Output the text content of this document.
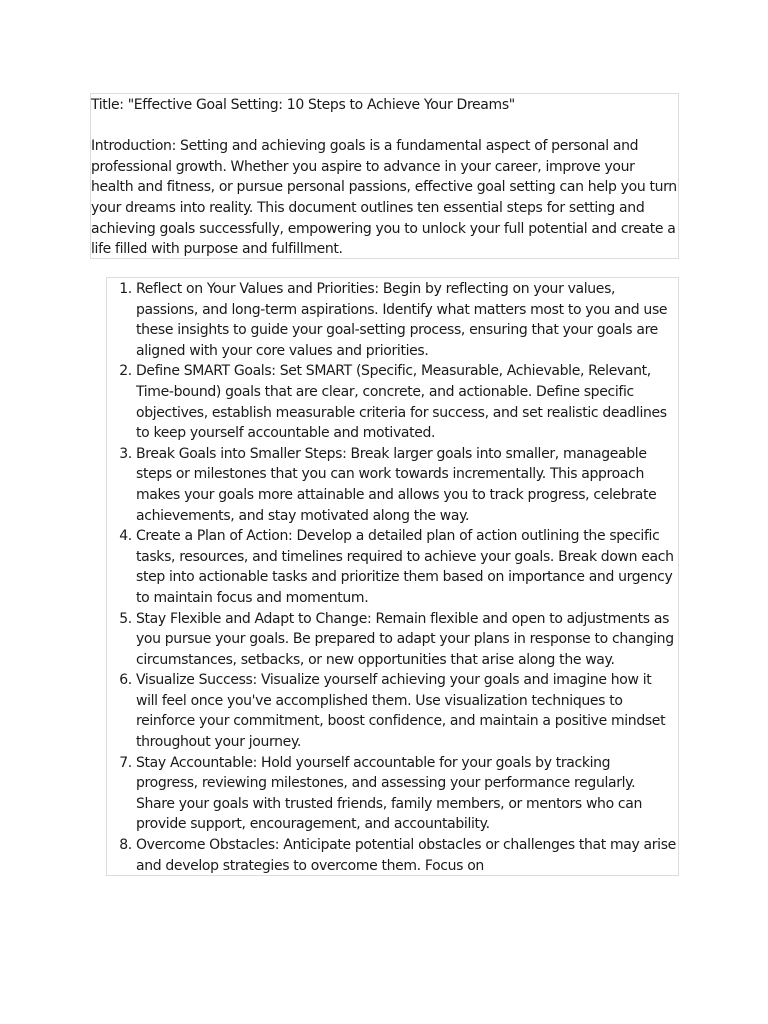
Title: "Effective Goal Setting: 10 Steps to Achieve Your Dreams"

Introduction: Setting and achieving goals is a fundamental aspect of personal and professional growth. Whether you aspire to advance in your career, improve your health and fitness, or pursue personal passions, effective goal setting can help you turn your dreams into reality. This document outlines ten essential steps for setting and achieving goals successfully, empowering you to unlock your full potential and create a life filled with purpose and fulfillment.

1. Reflect on Your Values and Priorities: Begin by reflecting on your values, passions, and long-term aspirations. Identify what matters most to you and use these insights to guide your goal-setting process, ensuring that your goals are aligned with your core values and priorities.
2. Define SMART Goals: Set SMART (Specific, Measurable, Achievable, Relevant, Time-bound) goals that are clear, concrete, and actionable. Define specific objectives, establish measurable criteria for success, and set realistic deadlines to keep yourself accountable and motivated.
3. Break Goals into Smaller Steps: Break larger goals into smaller, manageable steps or milestones that you can work towards incrementally. This approach makes your goals more attainable and allows you to track progress, celebrate achievements, and stay motivated along the way.
4. Create a Plan of Action: Develop a detailed plan of action outlining the specific tasks, resources, and timelines required to achieve your goals. Break down each step into actionable tasks and prioritize them based on importance and urgency to maintain focus and momentum.
5. Stay Flexible and Adapt to Change: Remain flexible and open to adjustments as you pursue your goals. Be prepared to adapt your plans in response to changing circumstances, setbacks, or new opportunities that arise along the way.
6. Visualize Success: Visualize yourself achieving your goals and imagine how it will feel once you've accomplished them. Use visualization techniques to reinforce your commitment, boost confidence, and maintain a positive mindset throughout your journey.
7. Stay Accountable: Hold yourself accountable for your goals by tracking progress, reviewing milestones, and assessing your performance regularly. Share your goals with trusted friends, family members, or mentors who can provide support, encouragement, and accountability.
8. Overcome Obstacles: Anticipate potential obstacles or challenges that may arise and develop strategies to overcome them. Focus on
